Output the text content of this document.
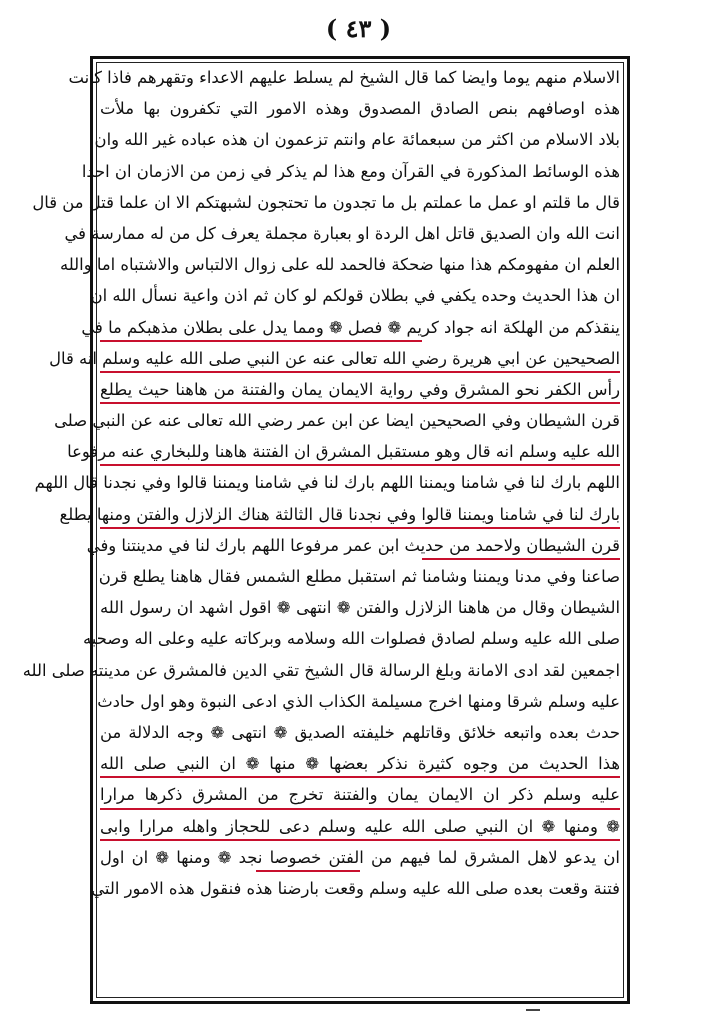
( ٤٣ )
الاسلام منهم يوما وايضا كما قال الشيخ لم يسلط عليهم الاعداء وتقهرهم فاذا كانت
هذه اوصافهم بنص الصادق المصدوق وهذه الامور التي تكفرون بها ملأت
بلاد الاسلام من اكثر من سبعمائة عام وانتم تزعمون ان هذه عباده غير الله وان
هذه الوسائط المذكورة في القرآن ومع هذا لم يذكر في زمن من الازمان ان احدا
قال ما قلتم او عمل ما عملتم بل ما تجدون ما تحتجون لشبهتكم الا ان علما قتل من قال
انت الله وان الصديق قاتل اهل الردة او بعبارة مجملة يعرف كل من له ممارسة في
العلم ان مفهومكم هذا منها ضحكة فالحمد لله على زوال الالتباس والاشتباه اما والله
ان هذا الحديث وحده يكفي في بطلان قولكم لو كان ثم اذن واعية نسأل الله ان
ينقذكم من الهلكة انه جواد كريم ❁ فصل ❁ ومما يدل على بطلان مذهبكم ما في
الصحيحين عن ابي هريرة رضي الله تعالى عنه عن النبي صلى الله عليه وسلم انه قال
رأس الكفر نحو المشرق وفي رواية الايمان يمان والفتنة من هاهنا حيث يطلع
قرن الشيطان وفي الصحيحين ايضا عن ابن عمر رضي الله تعالى عنه عن النبي صلى
الله عليه وسلم انه قال وهو مستقبل المشرق ان الفتنة هاهنا وللبخاري عنه مرفوعا
اللهم بارك لنا في شامنا ويمننا اللهم بارك لنا في شامنا ويمننا قالوا وفي نجدنا قال اللهم
بارك لنا في شامنا ويمننا قالوا وفي نجدنا قال الثالثة هناك الزلازل والفتن ومنها يطلع
قرن الشيطان ولاحمد من حديث ابن عمر مرفوعا اللهم بارك لنا في مدينتنا وفي
صاعنا وفي مدنا ويمننا وشامنا ثم استقبل مطلع الشمس فقال هاهنا يطلع قرن
الشيطان وقال من هاهنا الزلازل والفتن ❁ انتهى ❁ اقول اشهد ان رسول الله
صلى الله عليه وسلم لصادق فصلوات الله وسلامه وبركاته عليه وعلى اله وصحبه
اجمعين لقد ادى الامانة وبلغ الرسالة قال الشيخ تقي الدين فالمشرق عن مدينته صلى الله
عليه وسلم شرقا ومنها اخرج مسيلمة الكذاب الذي ادعى النبوة وهو اول حادث
حدث بعده واتبعه خلائق وقاتلهم خليفته الصديق ❁ انتهى ❁ وجه الدلالة من
هذا الحديث من وجوه كثيرة نذكر بعضها ❁ منها ❁ ان النبي صلى الله
عليه وسلم ذكر ان الايمان يمان والفتنة تخرج من المشرق ذكرها مرارا
❁ ومنها ❁ ان النبي صلى الله عليه وسلم دعى للحجاز واهله مرارا وابى
ان يدعو لاهل المشرق لما فيهم من الفتن خصوصا نجد ❁ ومنها ❁ ان اول
فتنة وقعت بعده صلى الله عليه وسلم وقعت بارضنا هذه فنقول هذه الامور التي
